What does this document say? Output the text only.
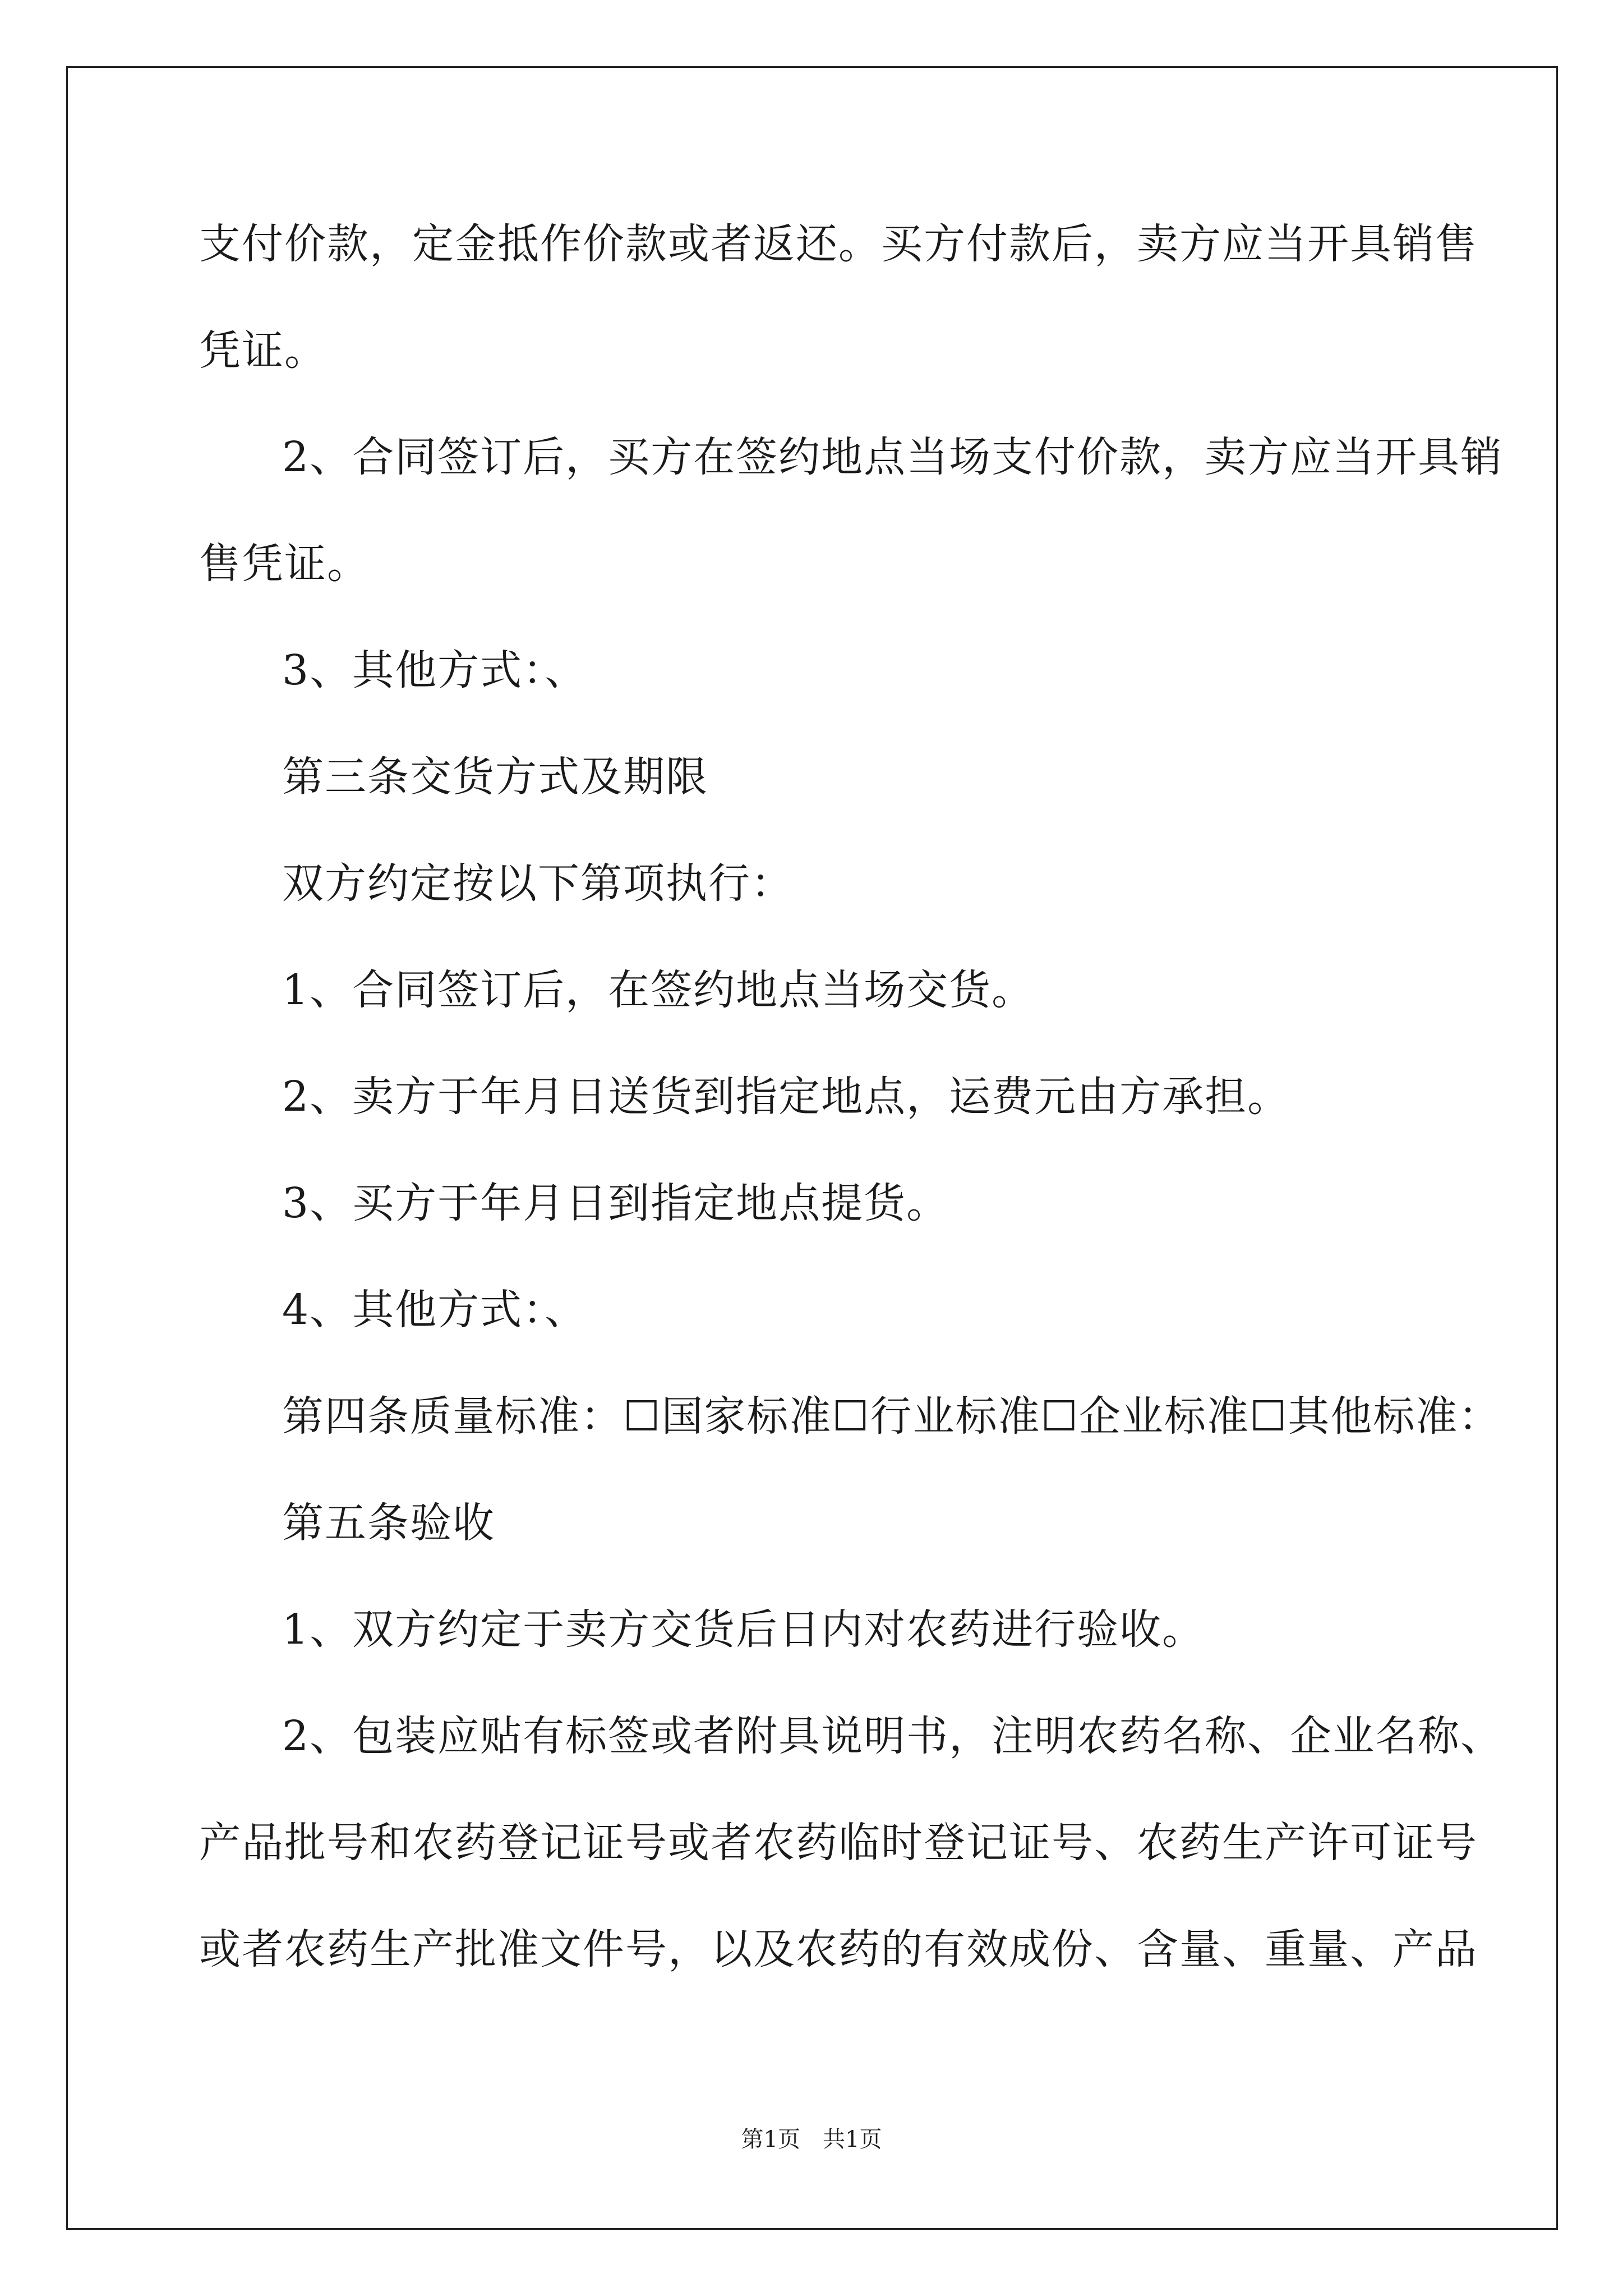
支付价款，定金抵作价款或者返还。买方付款后，卖方应当开具销售
凭证。
2、合同签订后，买方在签约地点当场支付价款，卖方应当开具销
售凭证。
3、其他方式：、
第三条交货方式及期限
双方约定按以下第项执行：
1、合同签订后，在签约地点当场交货。
2、卖方于年月日送货到指定地点，运费元由方承担。
3、买方于年月日到指定地点提货。
4、其他方式：、
第四条质量标准：☐国家标准☐行业标准☐企业标准☐其他标准：
第五条验收
1、双方约定于卖方交货后日内对农药进行验收。
2、包装应贴有标签或者附具说明书，注明农药名称、企业名称、
产品批号和农药登记证号或者农药临时登记证号、农药生产许可证号
或者农药生产批准文件号，以及农药的有效成份、含量、重量、产品
第1页　共1页
